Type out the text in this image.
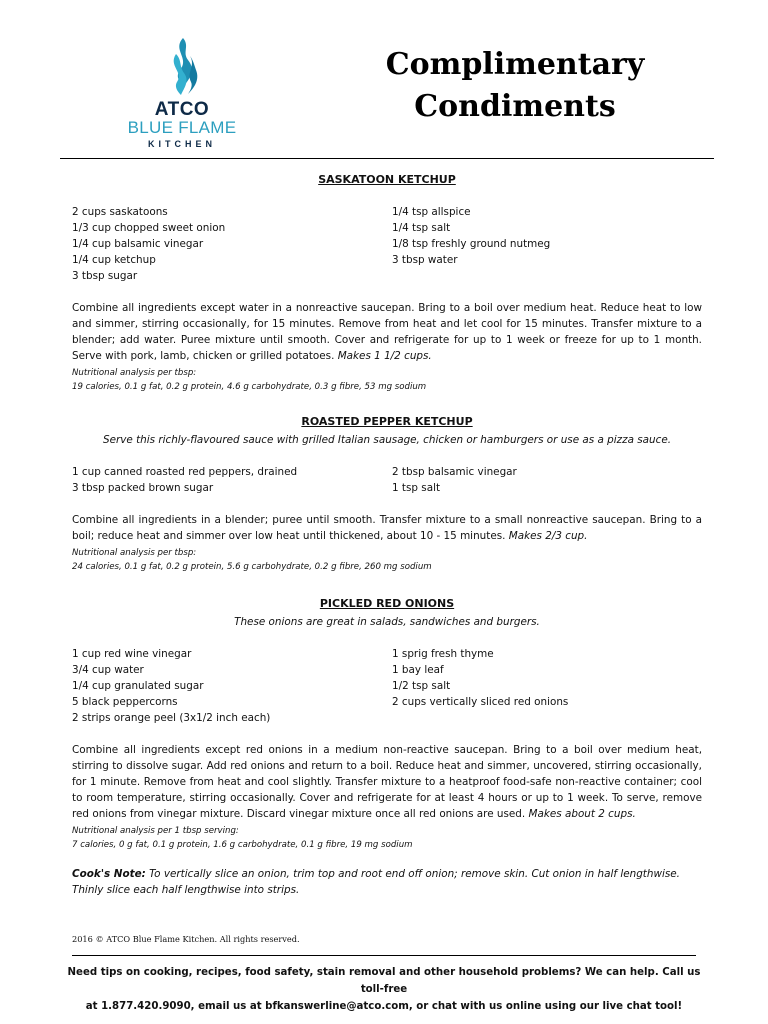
ATCO
BLUE FLAME
KITCHEN
Complimentary
Condiments

SASKATOON KETCHUP

2 cups saskatoons
1/3 cup chopped sweet onion
1/4 cup balsamic vinegar
1/4 cup ketchup
3 tbsp sugar
1/4 tsp allspice
1/4 tsp salt
1/8 tsp freshly ground nutmeg
3 tbsp water

Combine all ingredients except water in a nonreactive saucepan. Bring to a boil over medium heat. Reduce heat to low and simmer, stirring occasionally, for 15 minutes. Remove from heat and let cool for 15 minutes. Transfer mixture to a blender; add water. Puree mixture until smooth. Cover and refrigerate for up to 1 week or freeze for up to 1 month. Serve with pork, lamb, chicken or grilled potatoes. Makes 1 1/2 cups.

Nutritional analysis per tbsp:

19 calories, 0.1 g fat, 0.2 g protein, 4.6 g carbohydrate, 0.3 g fibre, 53 mg sodium

ROASTED PEPPER KETCHUP

Serve this richly-flavoured sauce with grilled Italian sausage, chicken or hamburgers or use as a pizza sauce.

1 cup canned roasted red peppers, drained
3 tbsp packed brown sugar
2 tbsp balsamic vinegar
1 tsp salt

Combine all ingredients in a blender; puree until smooth. Transfer mixture to a small nonreactive saucepan. Bring to a boil; reduce heat and simmer over low heat until thickened, about 10 - 15 minutes. Makes 2/3 cup.

Nutritional analysis per tbsp:

24 calories, 0.1 g fat, 0.2 g protein, 5.6 g carbohydrate, 0.2 g fibre, 260 mg sodium

PICKLED RED ONIONS

These onions are great in salads, sandwiches and burgers.

1 cup red wine vinegar
3/4 cup water
1/4 cup granulated sugar
5 black peppercorns
2 strips orange peel (3x1/2 inch each)
1 sprig fresh thyme
1 bay leaf
1/2 tsp salt
2 cups vertically sliced red onions

Combine all ingredients except red onions in a medium non-reactive saucepan. Bring to a boil over medium heat, stirring to dissolve sugar. Add red onions and return to a boil. Reduce heat and simmer, uncovered, stirring occasionally, for 1 minute. Remove from heat and cool slightly. Transfer mixture to a heatproof food-safe non-reactive container; cool to room temperature, stirring occasionally. Cover and refrigerate for at least 4 hours or up to 1 week. To serve, remove red onions from vinegar mixture. Discard vinegar mixture once all red onions are used. Makes about 2 cups.

Nutritional analysis per 1 tbsp serving:

7 calories, 0 g fat, 0.1 g protein, 1.6 g carbohydrate, 0.1 g fibre, 19 mg sodium

Cook's Note: To vertically slice an onion, trim top and root end off onion; remove skin. Cut onion in half lengthwise. Thinly slice each half lengthwise into strips.

2016 © ATCO Blue Flame Kitchen. All rights reserved.
Need tips on cooking, recipes, food safety, stain removal and other household problems? We can help. Call us toll-free
at 1.877.420.9090, email us at bfkanswerline@atco.com, or chat with us online using our live chat tool!
